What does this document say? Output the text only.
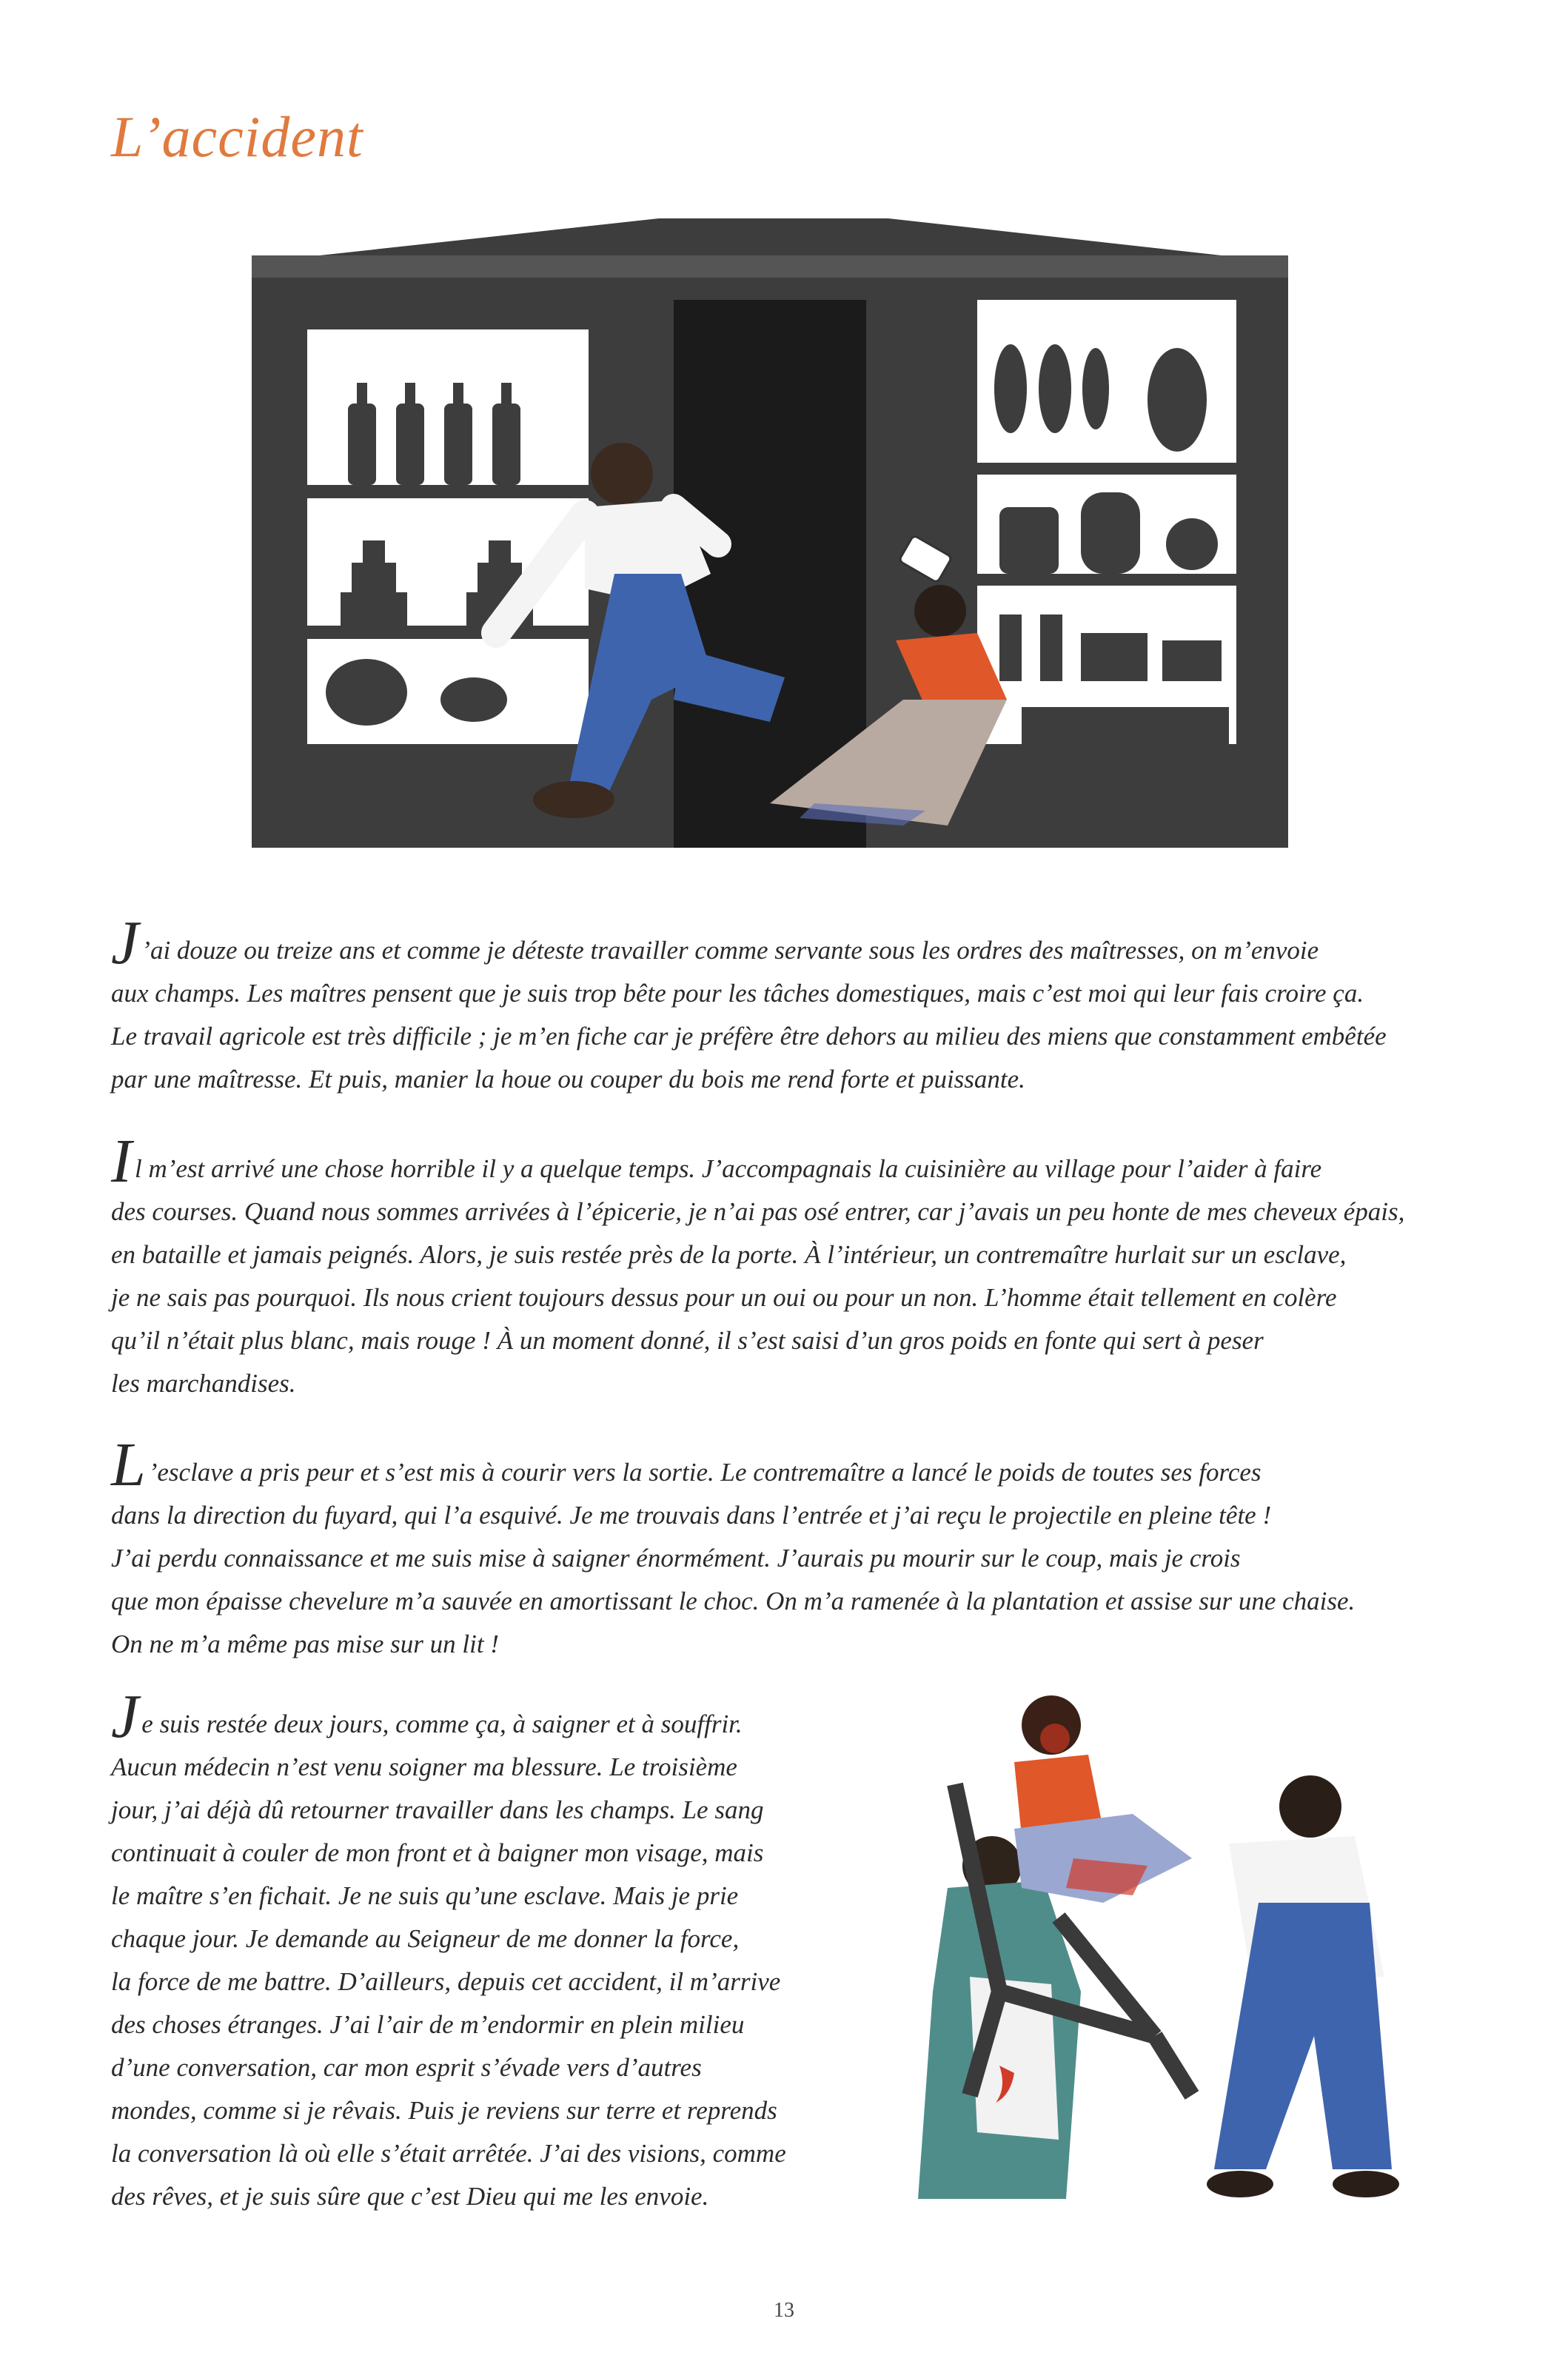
L’accident
J ’ai douze ou treize ans et comme je déteste travailler comme servante sous les ordres des maîtresses, on m’envoie
aux champs. Les maîtres pensent que je suis trop bête pour les tâches domestiques, mais c’est moi qui leur fais croire ça.
Le travail agricole est très difficile ; je m’en fiche car je préfère être dehors au milieu des miens que constamment embêtée
par une maîtresse. Et puis, manier la houe ou couper du bois me rend forte et puissante.
Il m’est arrivé une chose horrible il y a quelque temps. J’accompagnais la cuisinière au village pour l’aider à faire
des courses. Quand nous sommes arrivées à l’épicerie, je n’ai pas osé entrer, car j’avais un peu honte de mes cheveux épais,
en bataille et jamais peignés. Alors, je suis restée près de la porte. À l’intérieur, un contremaître hurlait sur un esclave,
je ne sais pas pourquoi. Ils nous crient toujours dessus pour un oui ou pour un non. L’homme était tellement en colère
qu’il n’était plus blanc, mais rouge ! À un moment donné, il s’est saisi d’un gros poids en fonte qui sert à peser
les marchandises.
L ’esclave a pris peur et s’est mis à courir vers la sortie. Le contremaître a lancé le poids de toutes ses forces
dans la direction du fuyard, qui l’a esquivé. Je me trouvais dans l’entrée et j’ai reçu le projectile en pleine tête !
J’ai perdu connaissance et me suis mise à saigner énormément. J’aurais pu mourir sur le coup, mais je crois
que mon épaisse chevelure m’a sauvée en amortissant le choc. On m’a ramenée à la plantation et assise sur une chaise.
On ne m’a même pas mise sur un lit !
Je suis restée deux jours, comme ça, à saigner et à souffrir.
Aucun médecin n’est venu soigner ma blessure. Le troisième
jour, j’ai déjà dû retourner travailler dans les champs. Le sang
continuait à couler de mon front et à baigner mon visage, mais
le maître s’en fichait. Je ne suis qu’une esclave. Mais je prie
chaque jour. Je demande au Seigneur de me donner la force,
la force de me battre. D’ailleurs, depuis cet accident, il m’arrive
des choses étranges. J’ai l’air de m’endormir en plein milieu
d’une conversation, car mon esprit s’évade vers d’autres
mondes, comme si je rêvais. Puis je reviens sur terre et reprends
la conversation là où elle s’était arrêtée. J’ai des visions, comme
des rêves, et je suis sûre que c’est Dieu qui me les envoie.
13
